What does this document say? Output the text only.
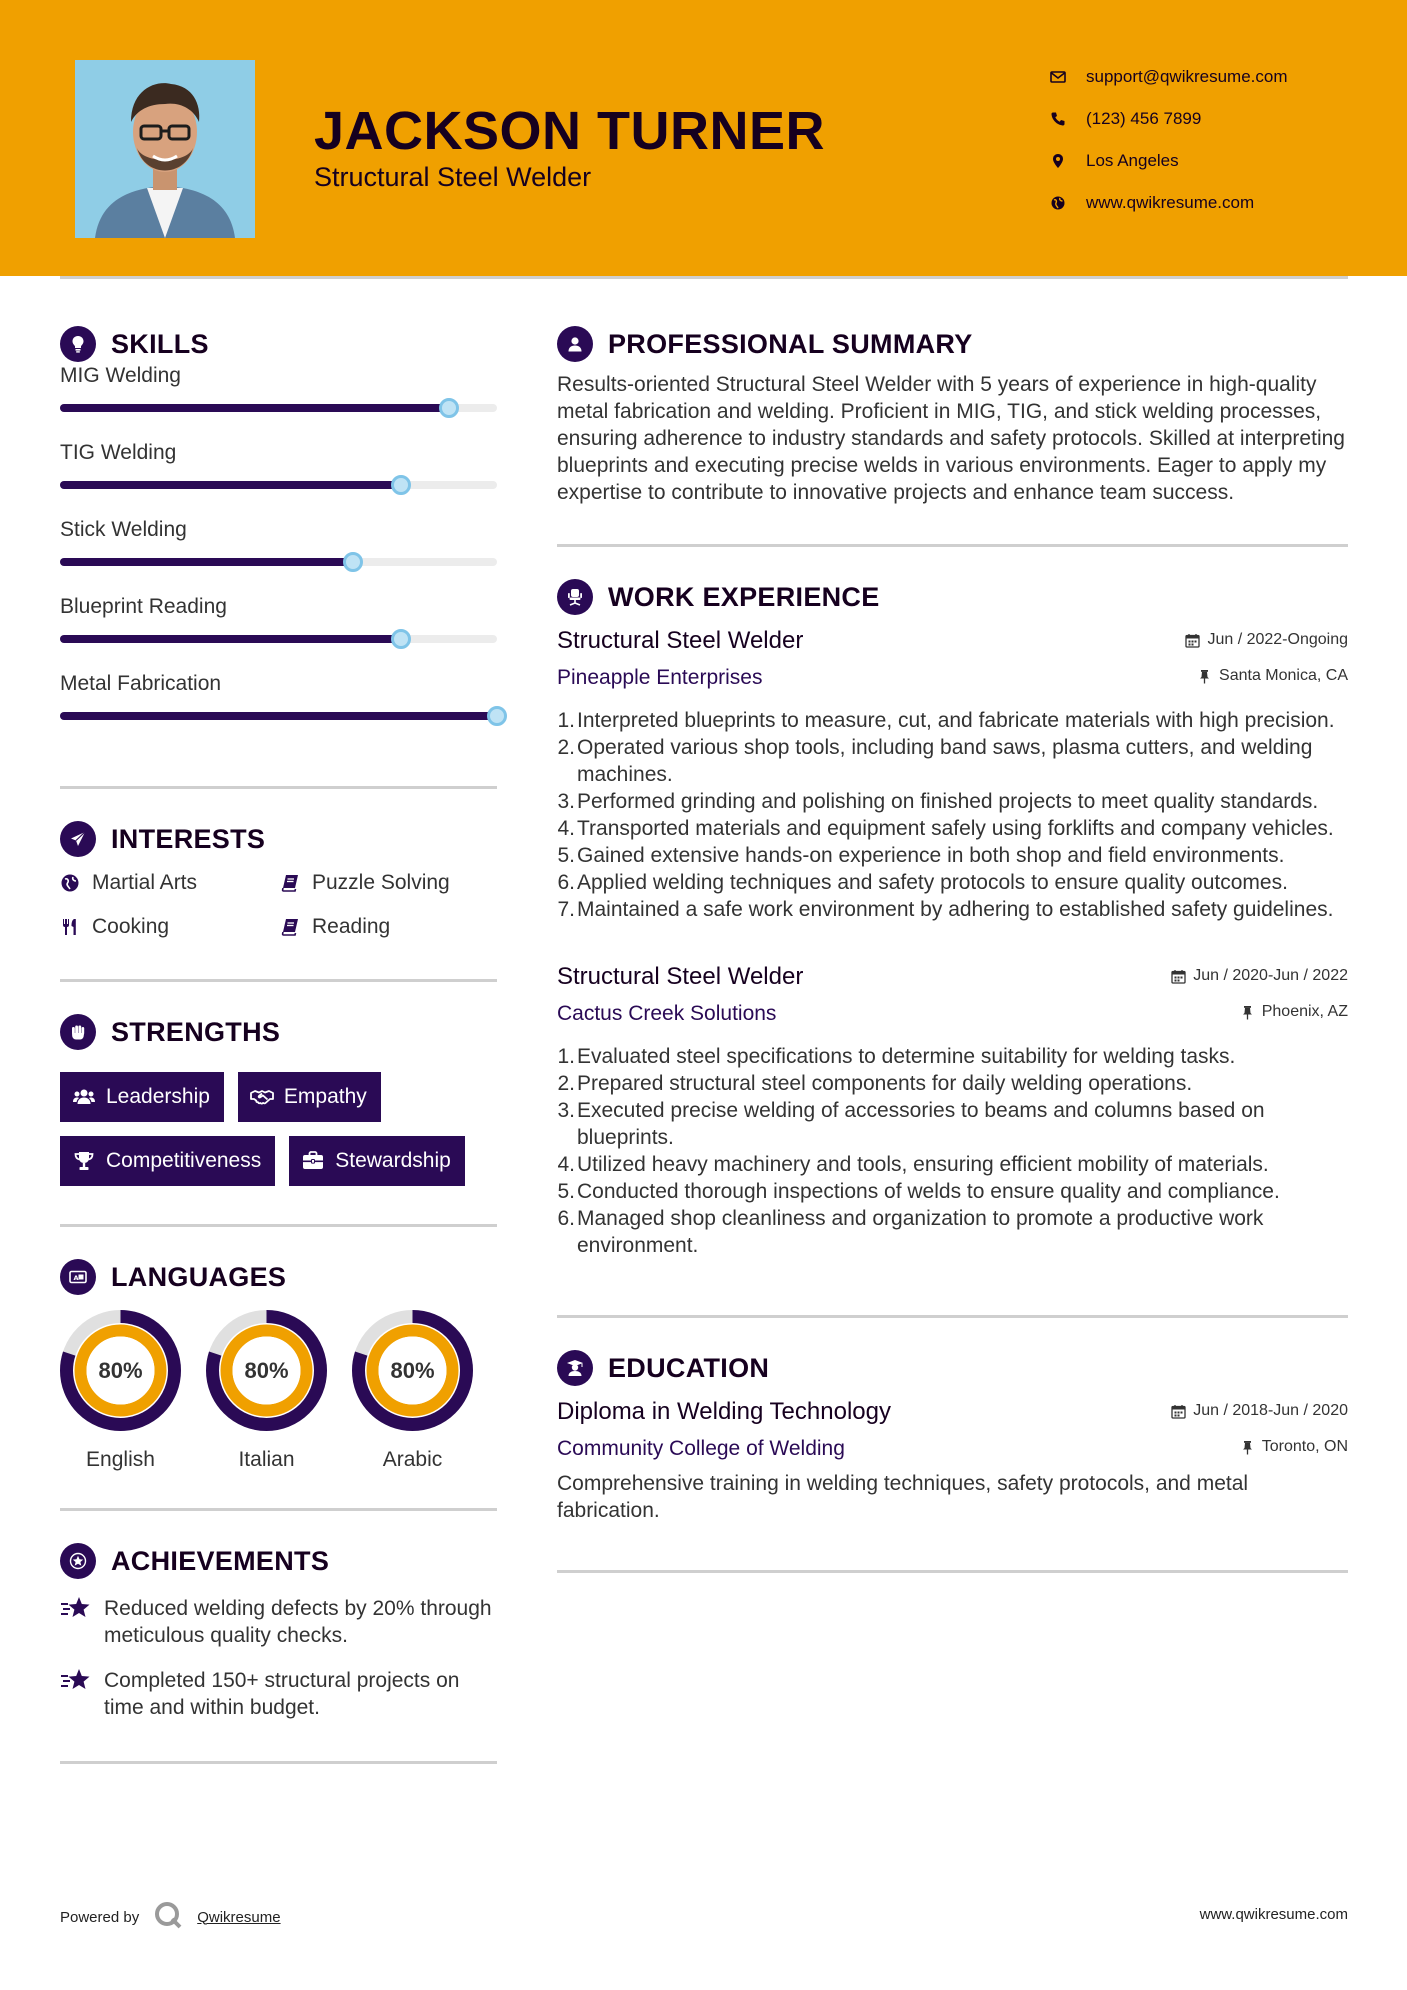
JACKSON TURNER
Structural Steel Welder
support@qwikresume.com
(123) 456 7899
Los Angeles
www.qwikresume.com
SKILLS
MIG Welding
TIG Welding
Stick Welding
Blueprint Reading
Metal Fabrication
INTERESTS
Martial Arts	Puzzle Solving
Cooking	Reading
STRENGTHS
Leadership	Empathy
Competitiveness	Stewardship
A LANGUAGES
80%
English
80%
Italian
80%
Arabic
ACHIEVEMENTS
Reduced welding defects by 20% through meticulous quality checks.
Completed 150+ structural projects on time and within budget.
PROFESSIONAL SUMMARY
Results-oriented Structural Steel Welder with 5 years of experience in high-quality metal fabrication and welding. Proficient in MIG, TIG, and stick welding processes, ensuring adherence to industry standards and safety protocols. Skilled at interpreting blueprints and executing precise welds in various environments. Eager to apply my expertise to contribute to innovative projects and enhance team success.
WORK EXPERIENCE
Structural Steel Welder	Jun / 2022-Ongoing
Pineapple Enterprises	Santa Monica, CA
1. Interpreted blueprints to measure, cut, and fabricate materials with high precision.
2. Operated various shop tools, including band saws, plasma cutters, and welding machines.
3. Performed grinding and polishing on finished projects to meet quality standards.
4. Transported materials and equipment safely using forklifts and company vehicles.
5. Gained extensive hands-on experience in both shop and field environments.
6. Applied welding techniques and safety protocols to ensure quality outcomes.
7. Maintained a safe work environment by adhering to established safety guidelines.
Structural Steel Welder	Jun / 2020-Jun / 2022
Cactus Creek Solutions	Phoenix, AZ
1. Evaluated steel specifications to determine suitability for welding tasks.
2. Prepared structural steel components for daily welding operations.
3. Executed precise welding of accessories to beams and columns based on blueprints.
4. Utilized heavy machinery and tools, ensuring efficient mobility of materials.
5. Conducted thorough inspections of welds to ensure quality and compliance.
6. Managed shop cleanliness and organization to promote a productive work environment.
EDUCATION
Diploma in Welding Technology	Jun / 2018-Jun / 2020
Community College of Welding	Toronto, ON
Comprehensive training in welding techniques, safety protocols, and metal fabrication.
Powered by	Qwikresume	www.qwikresume.com
